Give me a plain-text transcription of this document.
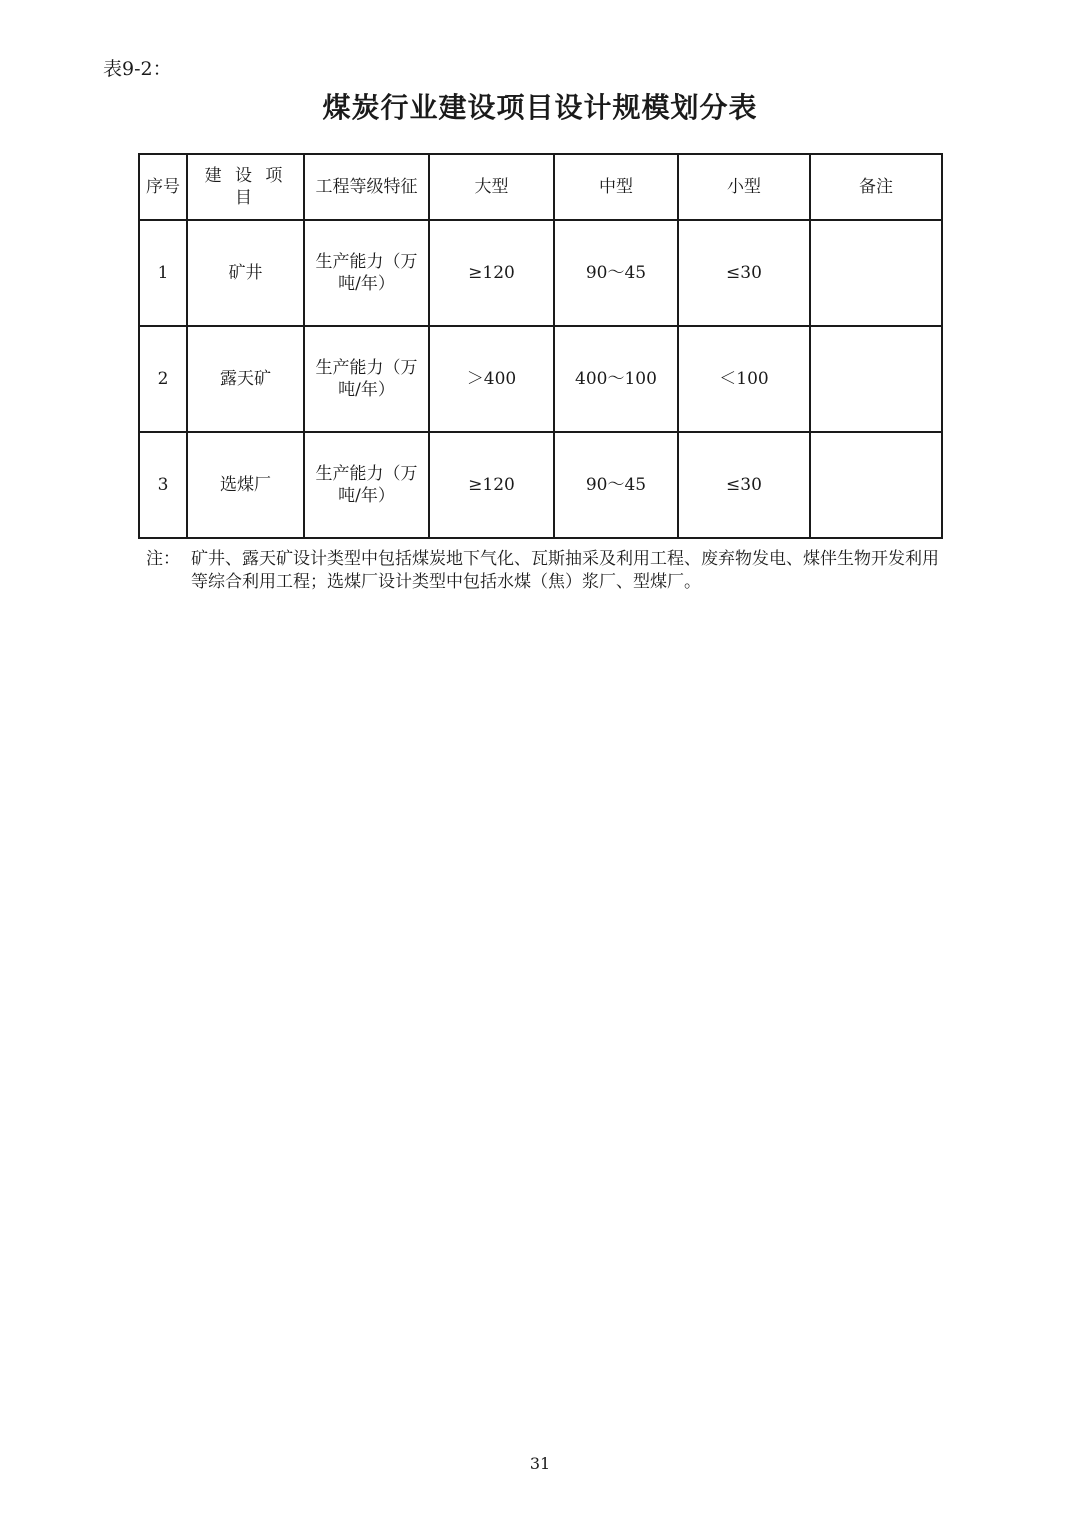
表9-2：
煤炭行业建设项目设计规模划分表
序号	建 设 项 目	工程等级特征	大型	中型	小型	备注
1	矿井	生产能力（万吨/年）	≥120	90～45	≤30	
2	露天矿	生产能力（万吨/年）	＞400	400～100	＜100	
3	选煤厂	生产能力（万吨/年）	≥120	90～45	≤30	
注： 矿井、露天矿设计类型中包括煤炭地下气化、瓦斯抽采及利用工程、废弃物发电、煤伴生物开发利用等综合利用工程；选煤厂设计类型中包括水煤（焦）浆厂、型煤厂。
31
